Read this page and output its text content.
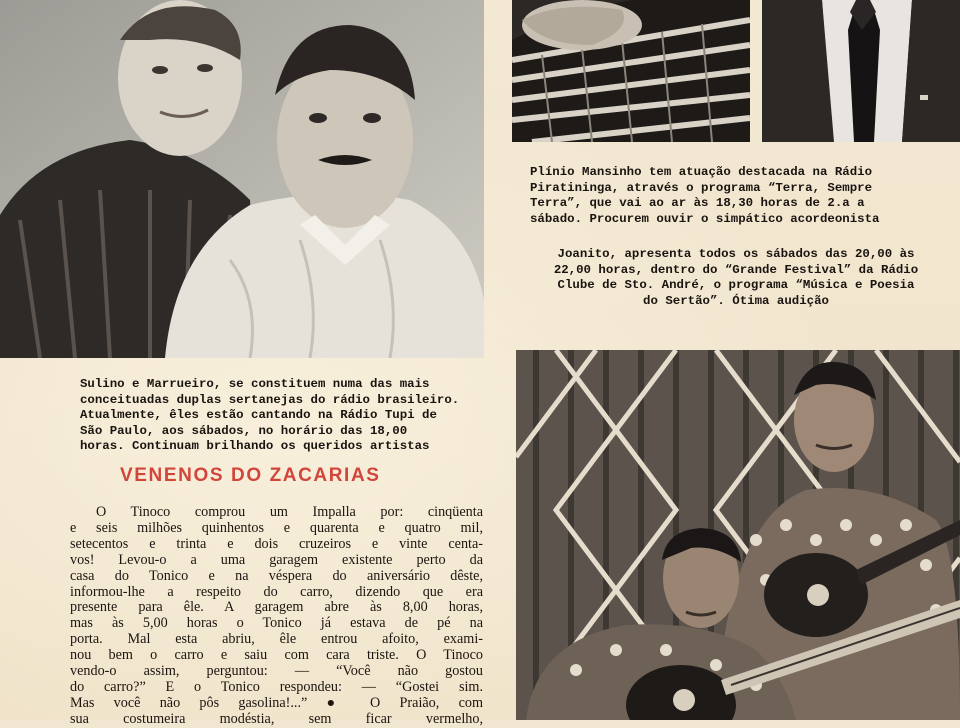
Plínio Mansinho tem atuação destacada na Rádio

Piratininga, através o programa “Terra, Sempre

Terra”, que vai ao ar às 18,30 horas de 2.a a

sábado. Procurem ouvir o simpático acordeonista

Joanito, apresenta todos os sábados das 20,00 às

22,00 horas, dentro do “Grande Festival” da Rádio

Clube de Sto. André, o programa “Música e Poesia

do Sertão”. Ótima audição

Sulino e Marrueiro, se constituem numa das mais

conceituadas duplas sertanejas do rádio brasileiro.

Atualmente, êles estão cantando na Rádio Tupi de

São Paulo, aos sábados, no horário das 18,00

horas. Continuam brilhando os queridos artistas

VENENOS DO ZACARIAS
O Tinoco comprou um Impalla por: cinqüenta
e seis milhões quinhentos e quarenta e quatro mil,
setecentos e trinta e dois cruzeiros e vinte centa-
vos! Levou-o a uma garagem existente perto da
casa do Tonico e na véspera do aniversário dêste,
informou-lhe a respeito do carro, dizendo que era
presente para êle. A garagem abre às 8,00 horas,
mas às 5,00 horas o Tonico já estava de pé na
porta. Mal esta abriu, êle entrou afoito, exami-
nou bem o carro e saiu com cara triste. O Tinoco
vendo-o assim, perguntou: — “Você não gostou
do carro?” E o Tonico respondeu: — “Gostei sim.
Mas você não pôs gasolina!...” ● O Praião, com
sua costumeira modéstia, sem ficar vermelho,
